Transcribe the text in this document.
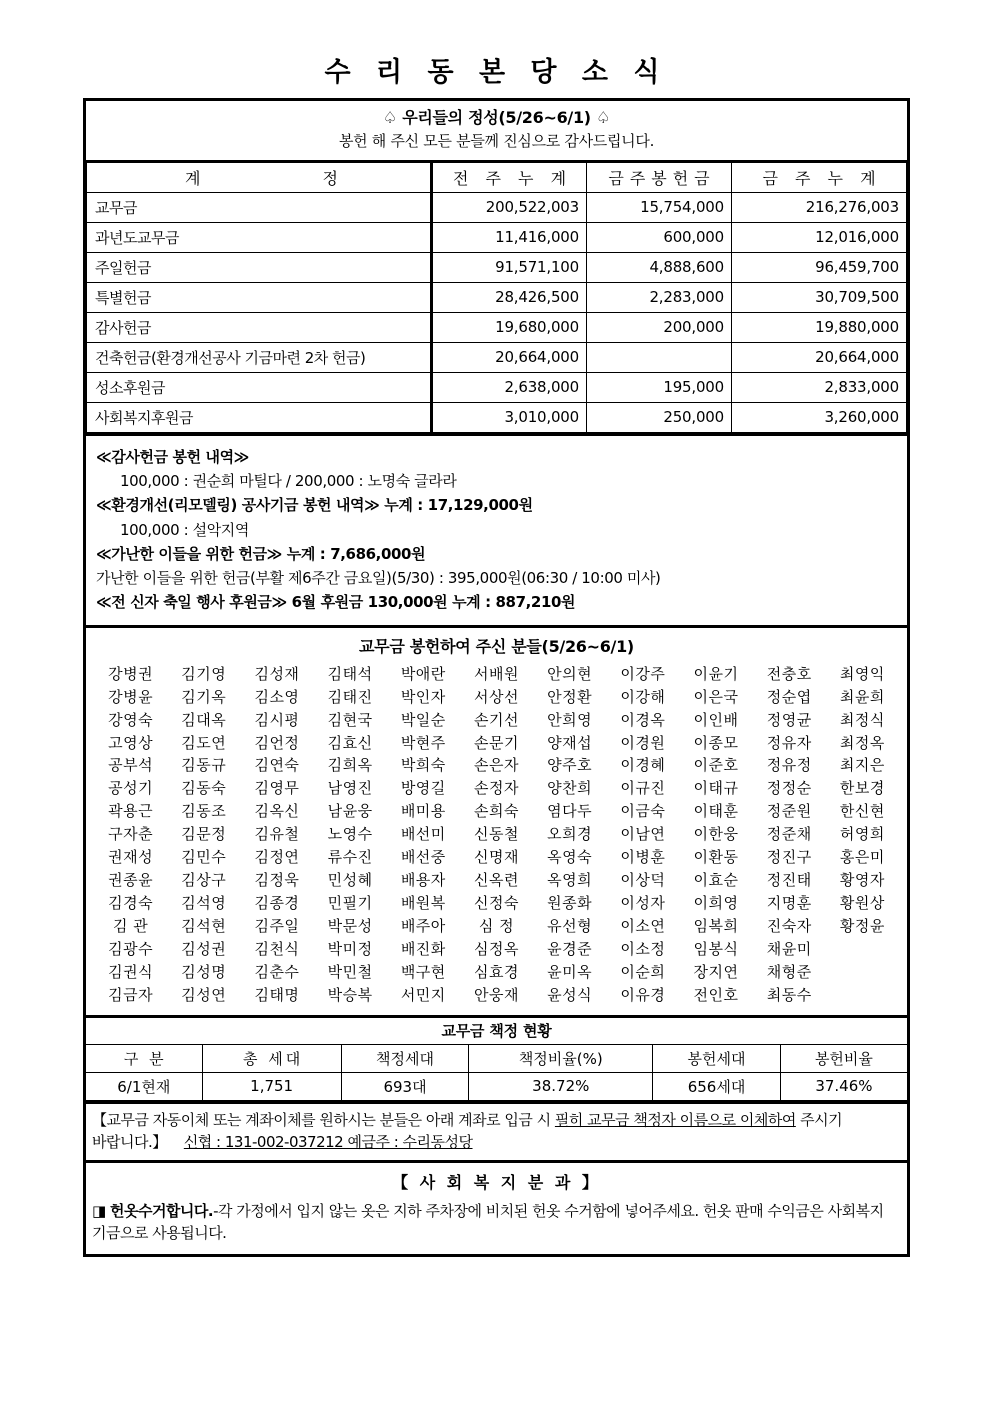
수 리 동 본 당 소 식
♤ 우리들의 정성(5/26~6/1) ♤
봉헌 해 주신 모든 분들께 진심으로 감사드립니다.
계 정	전 주 누 계	금주봉헌금	금 주 누 계
교무금	200,522,003	15,754,000	216,276,003
과년도교무금	11,416,000	600,000	12,016,000
주일헌금	91,571,100	4,888,600	96,459,700
특별헌금	28,426,500	2,283,000	30,709,500
감사헌금	19,680,000	200,000	19,880,000
건축헌금(환경개선공사 기금마련 2차 헌금)	20,664,000		20,664,000
성소후원금	2,638,000	195,000	2,833,000
사회복지후원금	3,010,000	250,000	3,260,000
≪감사헌금 봉헌 내역≫
100,000 : 권순희 마틸다 / 200,000 : 노명숙 글라라
≪환경개선(리모델링) 공사기금 봉헌 내역≫ 누계 : 17,129,000원
100,000 : 설악지역
≪가난한 이들을 위한 헌금≫ 누계 : 7,686,000원
가난한 이들을 위한 헌금(부활 제6주간 금요일)(5/30) : 395,000원(06:30 / 10:00 미사)
≪전 신자 축일 행사 후원금≫ 6월 후원금 130,000원 누계 : 887,210원
교무금 봉헌하여 주신 분들(5/26~6/1)
강병권	김기영	김성재	김태석	박애란	서배원	안의현	이강주	이윤기	전충호	최영익
강병윤	김기옥	김소영	김태진	박인자	서상선	안정환	이강해	이은국	정순엽	최윤희
강영숙	김대옥	김시평	김현국	박일순	손기선	안희영	이경옥	이인배	정영균	최정식
고영상	김도연	김언정	김효신	박현주	손문기	양재섭	이경원	이종모	정유자	최정옥
공부석	김동규	김연숙	김희옥	박희숙	손은자	양주호	이경혜	이준호	정유정	최지은
공성기	김동숙	김영무	남영진	방영길	손정자	양찬희	이규진	이태규	정정순	한보경
곽용근	김동조	김옥신	남윤웅	배미용	손희숙	염다두	이금숙	이태훈	정준원	한신현
구자춘	김문정	김유철	노영수	배선미	신동철	오희경	이남연	이한웅	정준채	허영희
권재성	김민수	김정연	류수진	배선중	신명재	옥영숙	이병훈	이환동	정진구	홍은미
권종윤	김상구	김정욱	민성혜	배용자	신옥련	옥영희	이상덕	이효순	정진태	황영자
김경숙	김석영	김종경	민필기	배원복	신정숙	원종화	이성자	이희영	지명훈	황원상
김 관	김석현	김주일	박문성	배주아	심 정	유선형	이소연	임복희	진숙자	황정윤
김광수	김성권	김천식	박미정	배진화	심정옥	윤경준	이소정	임봉식	채윤미
김권식	김성명	김춘수	박민철	백구현	심효경	윤미옥	이순희	장지연	채형준
김금자	김성연	김태명	박승복	서민지	안웅재	윤성식	이유경	전인호	최동수
교무금 책정 현황					
구 분	총 세대	책정세대	책정비율(%)	봉헌세대	봉헌비율
6/1현재	1,751	693대	38.72%	656세대	37.46%
【교무금 자동이체 또는 계좌이체를 원하시는 분들은 아래 계좌로 입금 시 필히 교무금 책정자 이름으로 이체하여 주시기 바랍니다.】 신협 : 131-002-037212 예금주 : 수리동성당
【 사 회 복 지 분 과 】
◨ 헌옷수거합니다.-각 가정에서 입지 않는 옷은 지하 주차장에 비치된 헌옷 수거함에 넣어주세요. 헌옷 판매 수익금은 사회복지 기금으로 사용됩니다.
